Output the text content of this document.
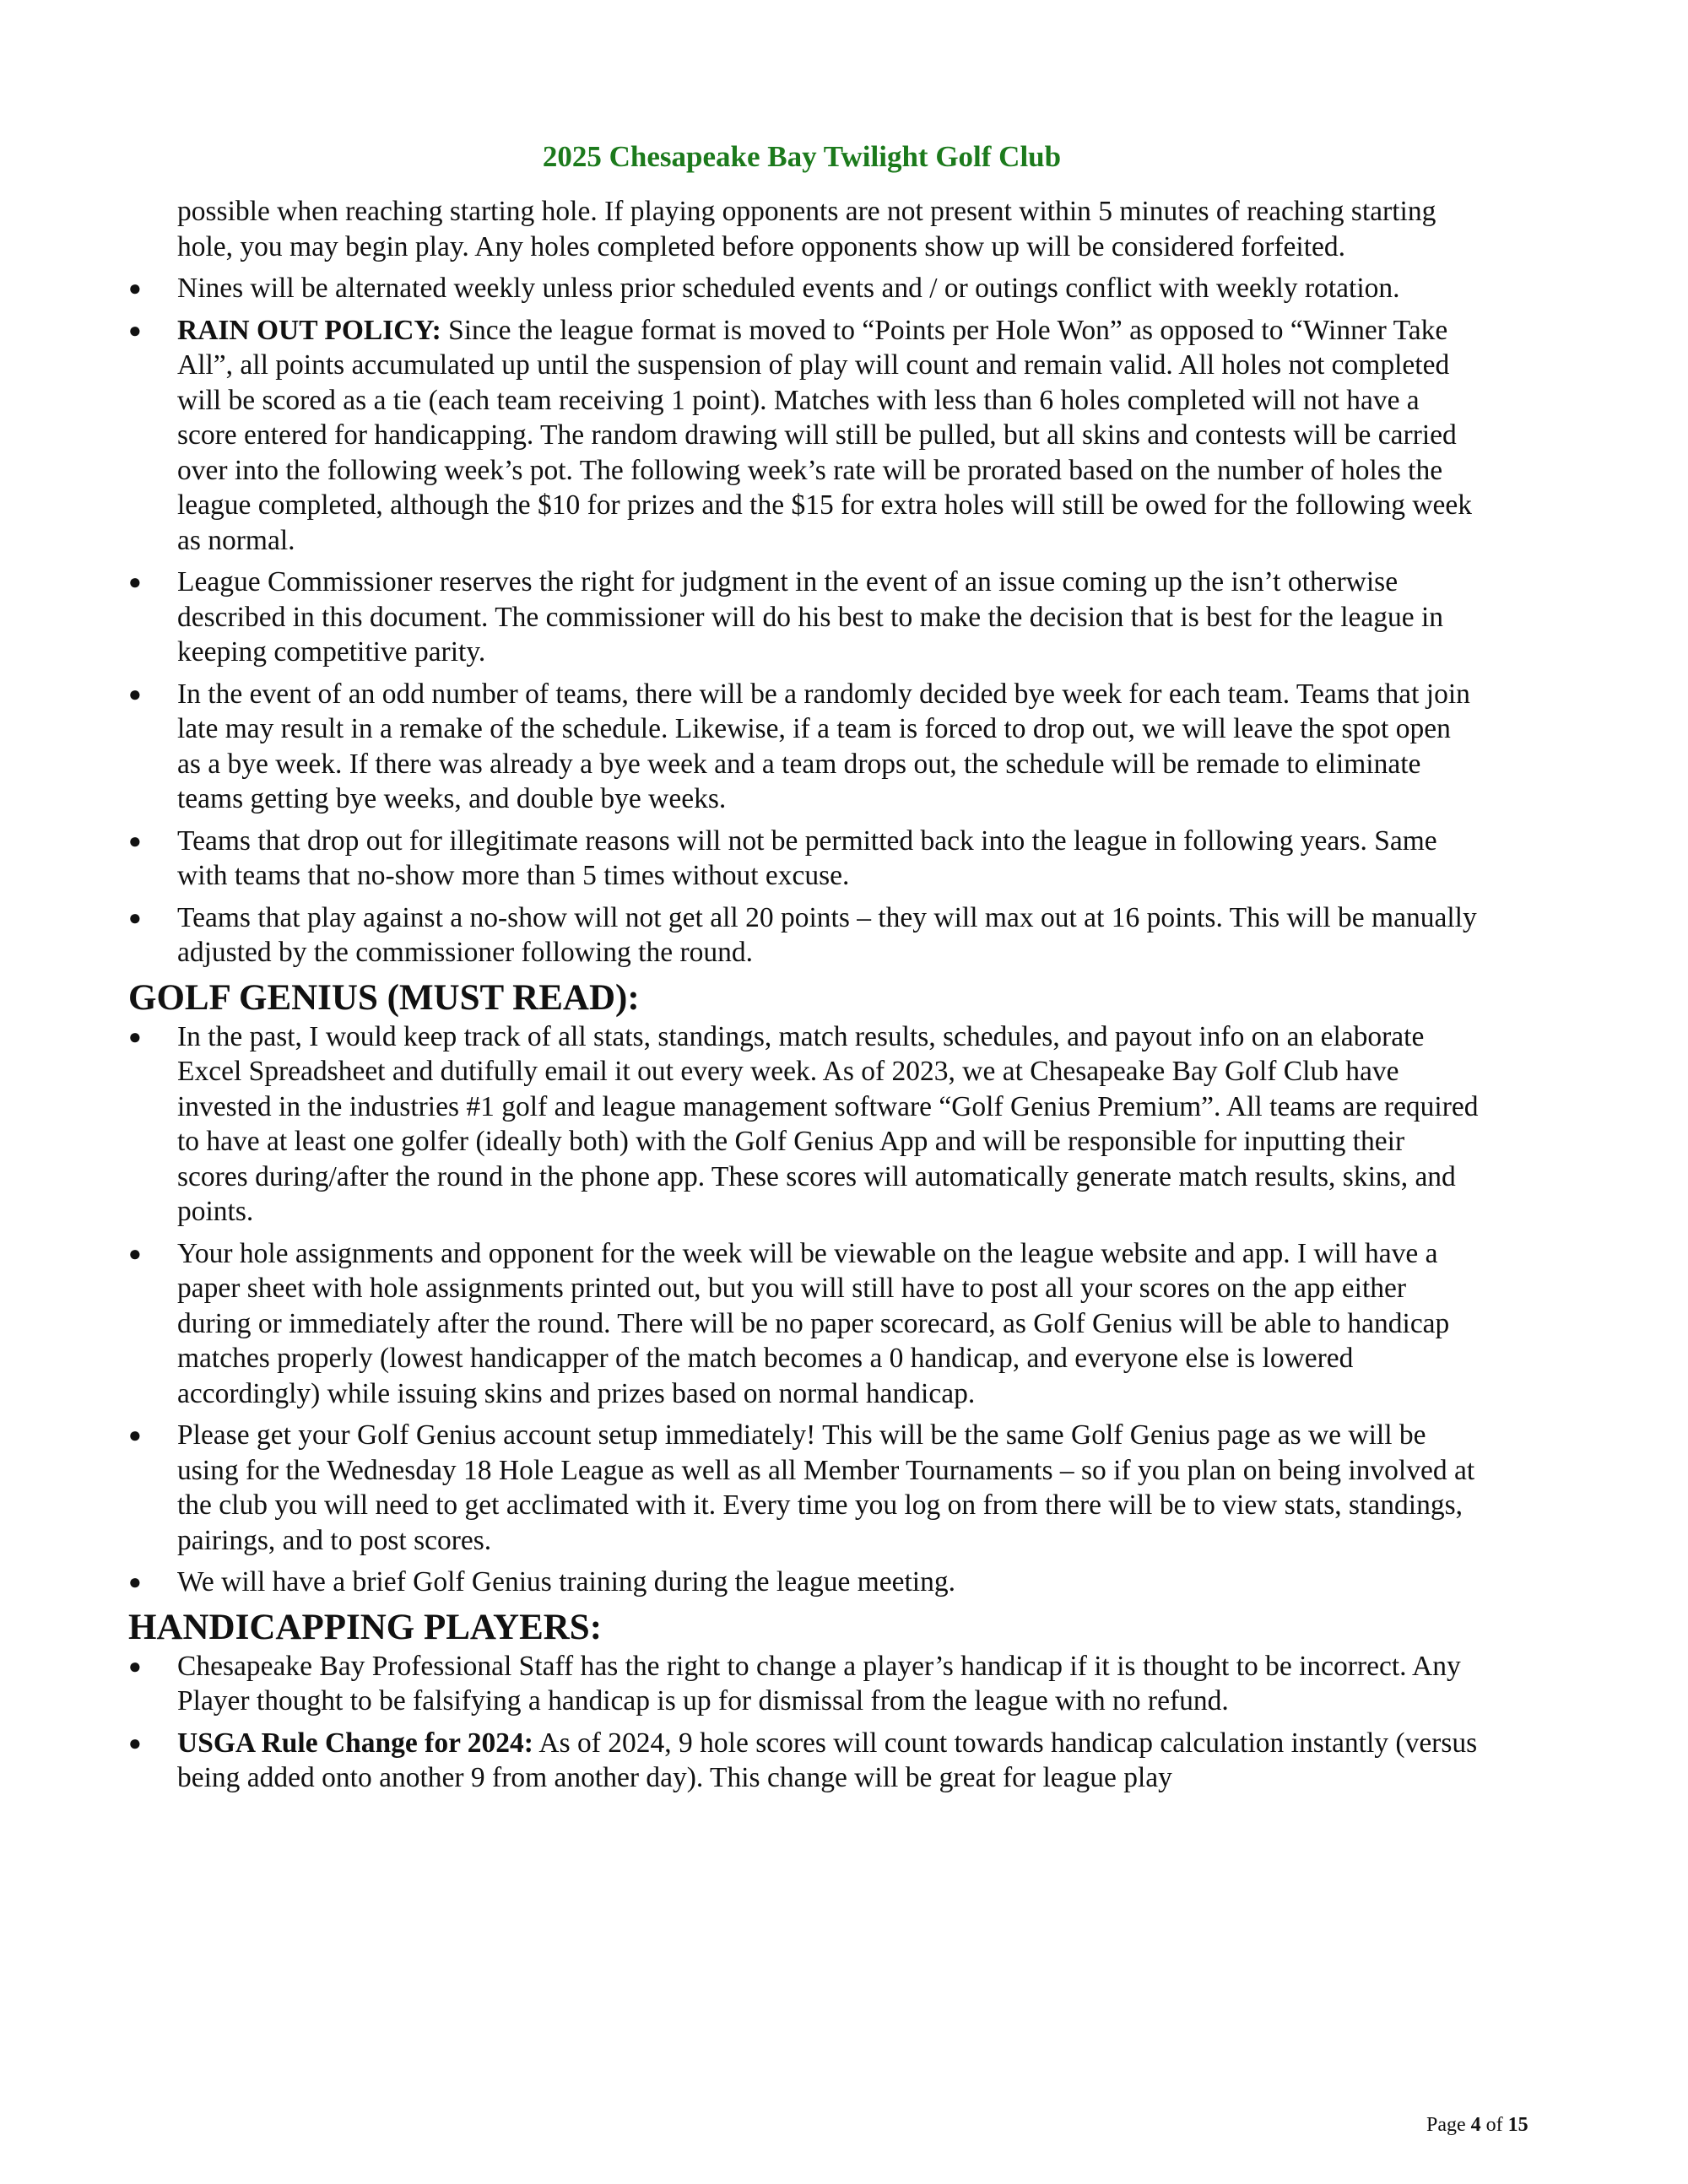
2025 Chesapeake Bay Twilight Golf Club
possible when reaching starting hole. If playing opponents are not present within 5 minutes of reaching starting hole, you may begin play. Any holes completed before opponents show up will be considered forfeited.
● Nines will be alternated weekly unless prior scheduled events and / or outings conflict with weekly rotation.
● RAIN OUT POLICY: Since the league format is moved to “Points per Hole Won” as opposed to “Winner Take All”, all points accumulated up until the suspension of play will count and remain valid. All holes not completed will be scored as a tie (each team receiving 1 point). Matches with less than 6 holes completed will not have a score entered for handicapping. The random drawing will still be pulled, but all skins and contests will be carried over into the following week’s pot. The following week’s rate will be prorated based on the number of holes the league completed, although the $10 for prizes and the $15 for extra holes will still be owed for the following week as normal.
● League Commissioner reserves the right for judgment in the event of an issue coming up the isn’t otherwise described in this document. The commissioner will do his best to make the decision that is best for the league in keeping competitive parity.
● In the event of an odd number of teams, there will be a randomly decided bye week for each team. Teams that join late may result in a remake of the schedule. Likewise, if a team is forced to drop out, we will leave the spot open as a bye week. If there was already a bye week and a team drops out, the schedule will be remade to eliminate teams getting bye weeks, and double bye weeks.
● Teams that drop out for illegitimate reasons will not be permitted back into the league in following years. Same with teams that no-show more than 5 times without excuse.
● Teams that play against a no-show will not get all 20 points – they will max out at 16 points. This will be manually adjusted by the commissioner following the round.
GOLF GENIUS (MUST READ):
● In the past, I would keep track of all stats, standings, match results, schedules, and payout info on an elaborate Excel Spreadsheet and dutifully email it out every week. As of 2023, we at Chesapeake Bay Golf Club have invested in the industries #1 golf and league management software “Golf Genius Premium”. All teams are required to have at least one golfer (ideally both) with the Golf Genius App and will be responsible for inputting their scores during/after the round in the phone app. These scores will automatically generate match results, skins, and points.
● Your hole assignments and opponent for the week will be viewable on the league website and app. I will have a paper sheet with hole assignments printed out, but you will still have to post all your scores on the app either during or immediately after the round. There will be no paper scorecard, as Golf Genius will be able to handicap matches properly (lowest handicapper of the match becomes a 0 handicap, and everyone else is lowered accordingly) while issuing skins and prizes based on normal handicap.
● Please get your Golf Genius account setup immediately! This will be the same Golf Genius page as we will be using for the Wednesday 18 Hole League as well as all Member Tournaments – so if you plan on being involved at the club you will need to get acclimated with it. Every time you log on from there will be to view stats, standings, pairings, and to post scores.
● We will have a brief Golf Genius training during the league meeting.
HANDICAPPING PLAYERS:
● Chesapeake Bay Professional Staff has the right to change a player’s handicap if it is thought to be incorrect. Any Player thought to be falsifying a handicap is up for dismissal from the league with no refund.
● USGA Rule Change for 2024: As of 2024, 9 hole scores will count towards handicap calculation instantly (versus being added onto another 9 from another day). This change will be great for league play
Page 4 of 15
